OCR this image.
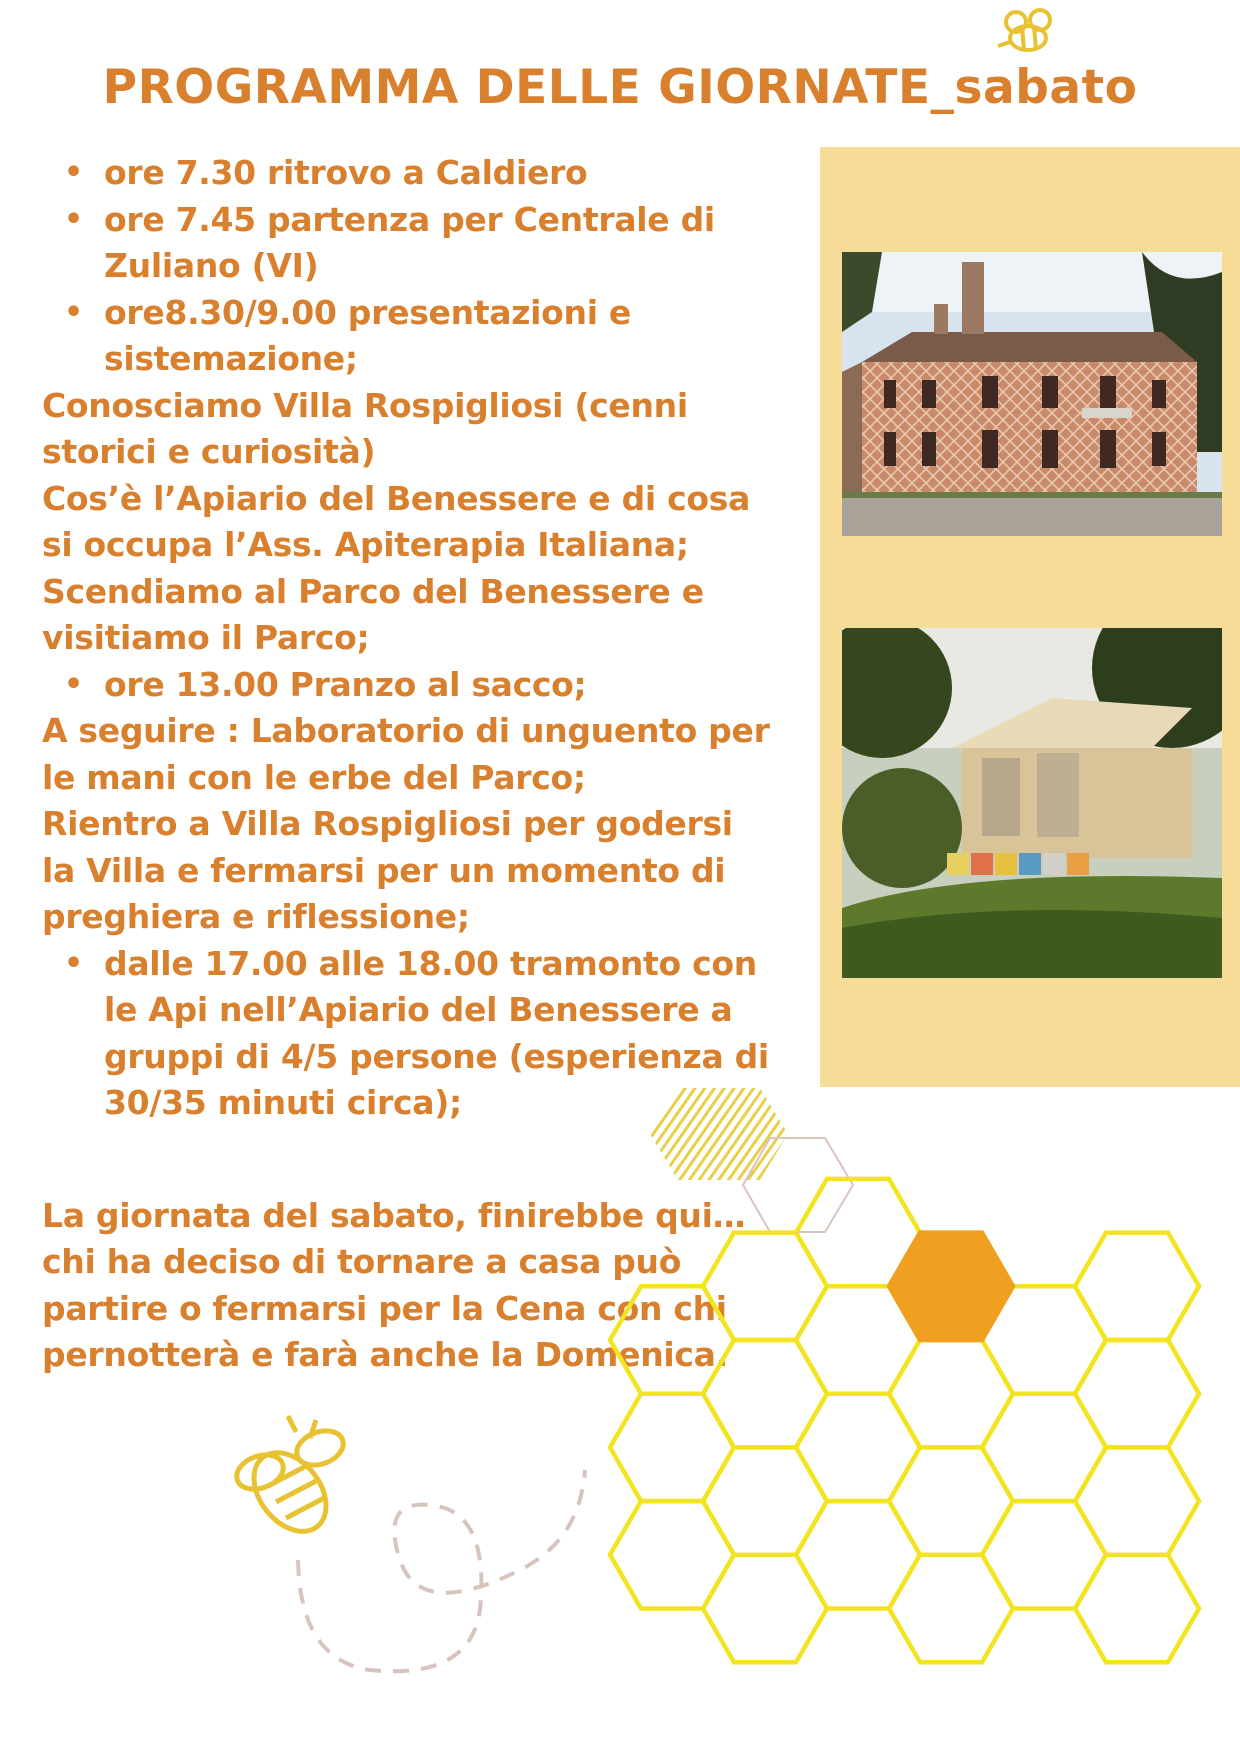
PROGRAMMA DELLE GIORNATE_sabato
• ore 7.30 ritrovo a Caldiero
• ore 7.45 partenza per Centrale di Zuliano (VI)
• ore8.30/9.00 presentazioni e sistemazione;
Conosciamo Villa Rospigliosi (cenni storici e curiosità)
Cos’è l’Apiario del Benessere e di cosa si occupa l’Ass. Apiterapia Italiana;
Scendiamo al Parco del Benessere e visitiamo il Parco;
• ore 13.00 Pranzo al sacco;
A seguire : Laboratorio di unguento per le mani con le erbe del Parco;
Rientro a Villa Rospigliosi per godersi la Villa e fermarsi per un momento di preghiera e riflessione;
• dalle 17.00 alle 18.00 tramonto con le Api nell’Apiario del Benessere a gruppi di 4/5 persone (esperienza di 30/35 minuti circa);
La giornata del sabato, finirebbe qui…chi ha deciso di tornare a casa può partire o fermarsi per la Cena con chi pernotterà e farà anche la Domenica.
